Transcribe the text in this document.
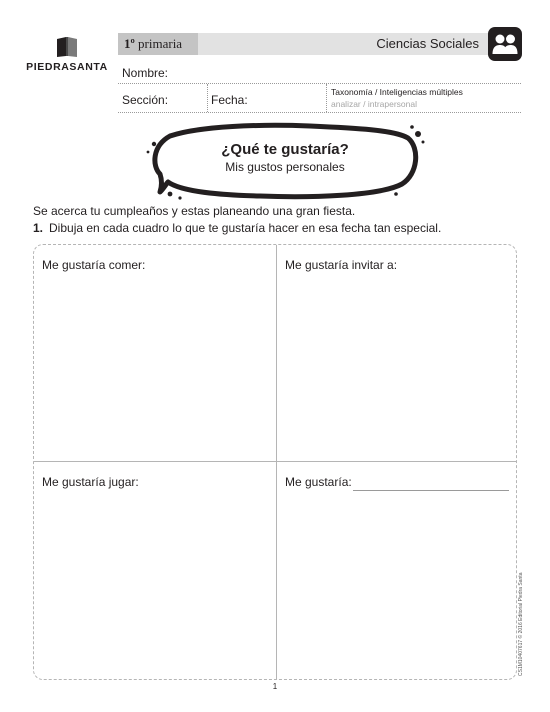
PIEDRASANTA
1º primaria	Ciencias Sociales
Nombre:
Sección:	Fecha:
Taxonomía / Inteligencias múltiples
analizar / intrapersonal
¿Qué te gustaría?
Mis gustos personales
Se acerca tu cumpleaños y estas planeando una gran fiesta.
1. Dibuja en cada cuadro lo que te gustaría hacer en esa fecha tan especial.
Me gustaría comer:	Me gustaría invitar a:
Me gustaría jugar:	Me gustaría:
CS1M10407617 © 2016 Editorial Piedra Santa
1
